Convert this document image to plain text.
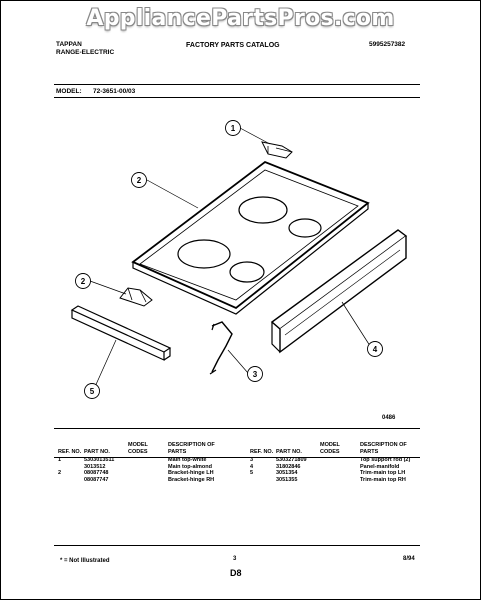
AppliancePartsPros.com
TAPPAN
RANGE-ELECTRIC
FACTORY PARTS CATALOG	5995257382
MODEL: 72-3651-00/03
1
2
2
3
4
5
0486
REF. NO.	PART NO.	MODEL CODES	DESCRIPTION OF PARTS
1	5303013511		Main top-white
	3013512		Main top-almond
2	08087748		Bracket-hinge LH
	08087747		Bracket-hinge RH
REF. NO.	PART NO.	MODEL CODES	DESCRIPTION OF PARTS
3	5303271809		Top support rod (2)
4	31802846		Panel-manifold
5	3051354		Trim-main top LH
	3051355		Trim-main top RH
* = Not Illustrated	3	8/94
D8
